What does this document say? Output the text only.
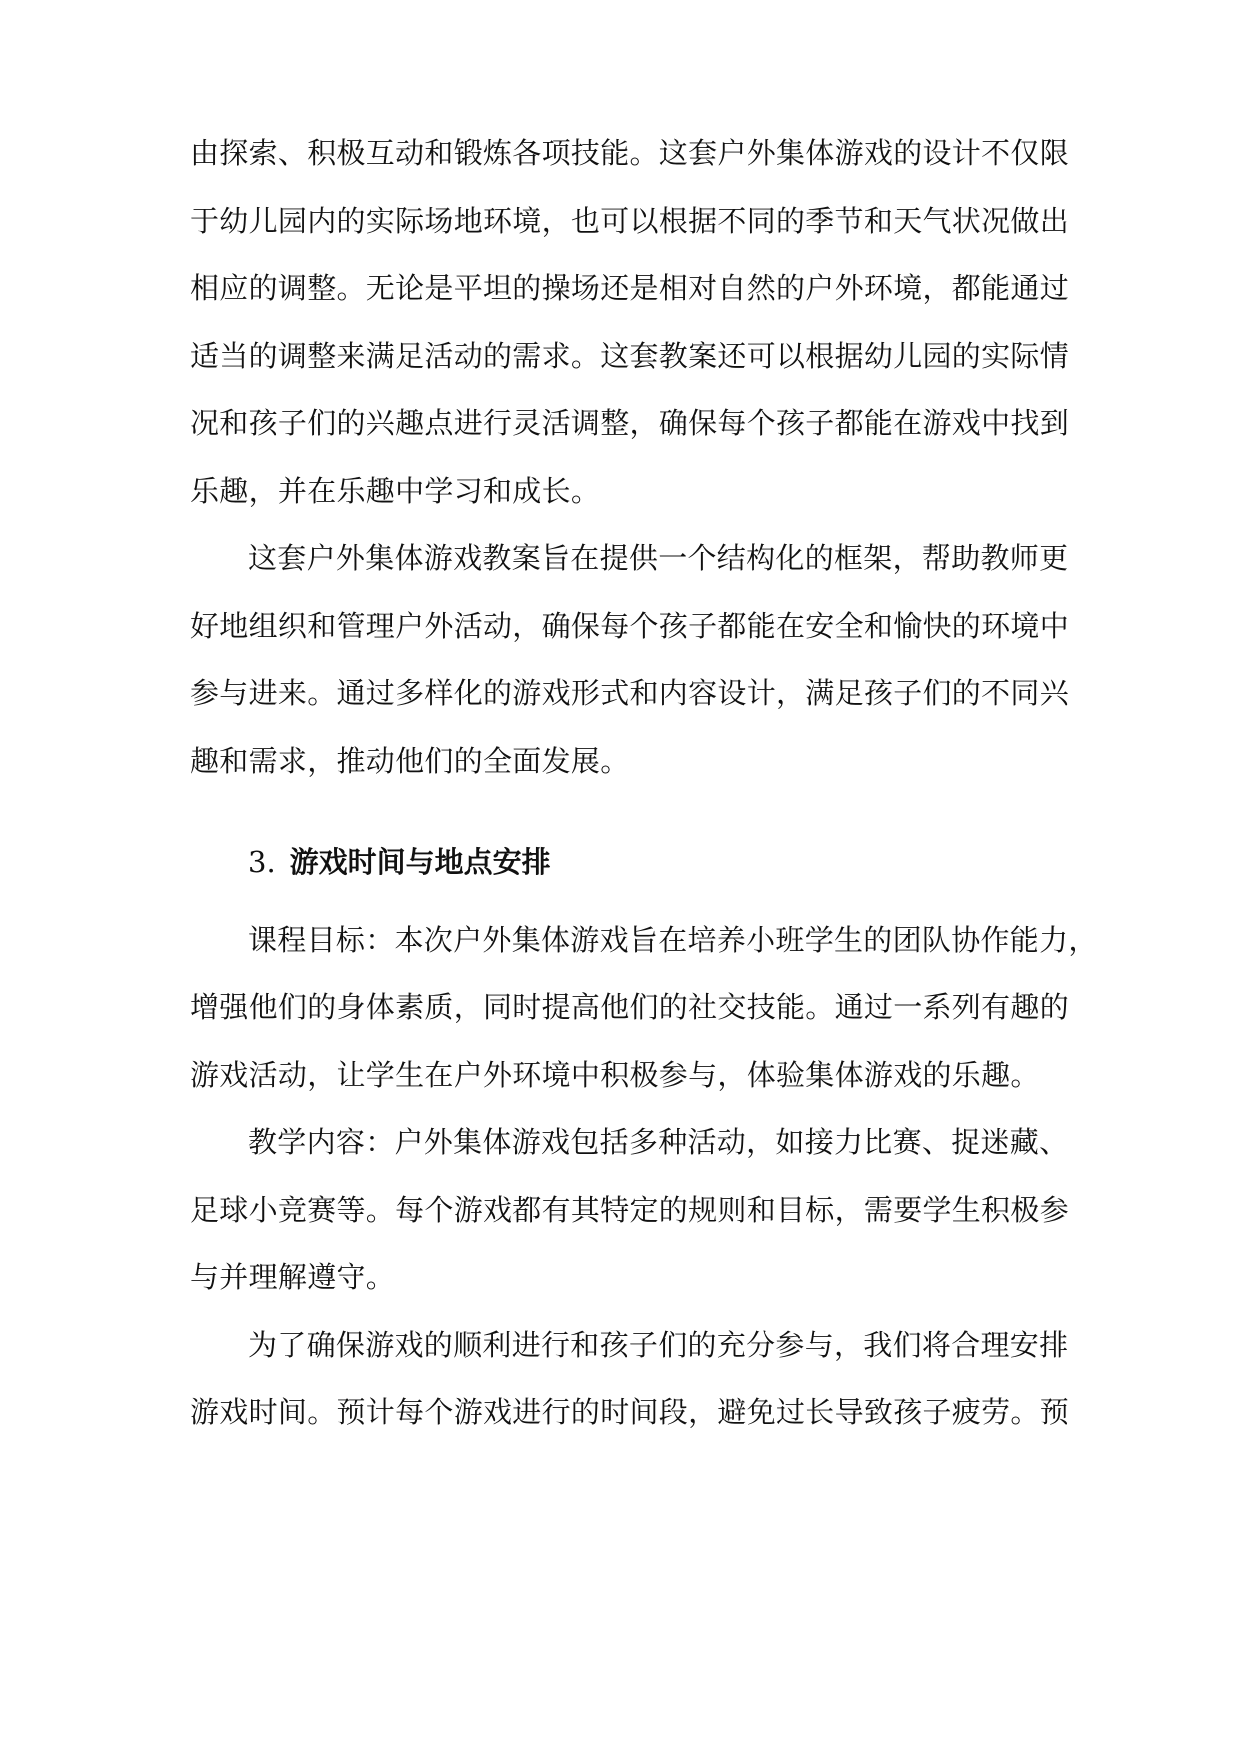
由探索、积极互动和锻炼各项技能。这套户外集体游戏的设计不仅限
于幼儿园内的实际场地环境，也可以根据不同的季节和天气状况做出
相应的调整。无论是平坦的操场还是相对自然的户外环境，都能通过
适当的调整来满足活动的需求。这套教案还可以根据幼儿园的实际情
况和孩子们的兴趣点进行灵活调整，确保每个孩子都能在游戏中找到
乐趣，并在乐趣中学习和成长。
这套户外集体游戏教案旨在提供一个结构化的框架，帮助教师更
好地组织和管理户外活动，确保每个孩子都能在安全和愉快的环境中
参与进来。通过多样化的游戏形式和内容设计，满足孩子们的不同兴
趣和需求，推动他们的全面发展。
3. 游戏时间与地点安排
课程目标：本次户外集体游戏旨在培养小班学生的团队协作能力，
增强他们的身体素质，同时提高他们的社交技能。通过一系列有趣的
游戏活动，让学生在户外环境中积极参与，体验集体游戏的乐趣。
教学内容：户外集体游戏包括多种活动，如接力比赛、捉迷藏、
足球小竞赛等。每个游戏都有其特定的规则和目标，需要学生积极参
与并理解遵守。
为了确保游戏的顺利进行和孩子们的充分参与，我们将合理安排
游戏时间。预计每个游戏进行的时间段，避免过长导致孩子疲劳。预
